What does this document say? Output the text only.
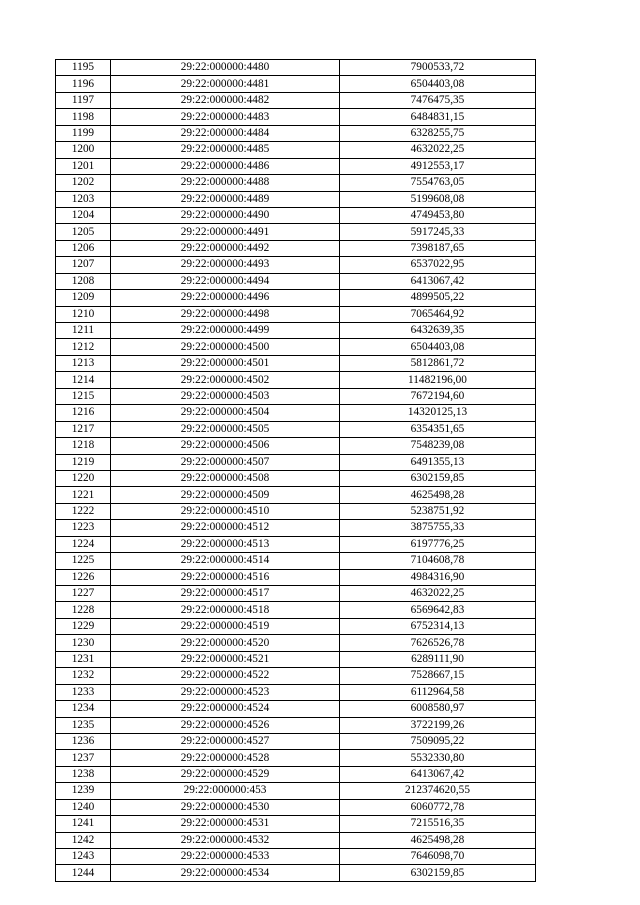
1195	29:22:000000:4480	7900533,72
1196	29:22:000000:4481	6504403,08
1197	29:22:000000:4482	7476475,35
1198	29:22:000000:4483	6484831,15
1199	29:22:000000:4484	6328255,75
1200	29:22:000000:4485	4632022,25
1201	29:22:000000:4486	4912553,17
1202	29:22:000000:4488	7554763,05
1203	29:22:000000:4489	5199608,08
1204	29:22:000000:4490	4749453,80
1205	29:22:000000:4491	5917245,33
1206	29:22:000000:4492	7398187,65
1207	29:22:000000:4493	6537022,95
1208	29:22:000000:4494	6413067,42
1209	29:22:000000:4496	4899505,22
1210	29:22:000000:4498	7065464,92
1211	29:22:000000:4499	6432639,35
1212	29:22:000000:4500	6504403,08
1213	29:22:000000:4501	5812861,72
1214	29:22:000000:4502	11482196,00
1215	29:22:000000:4503	7672194,60
1216	29:22:000000:4504	14320125,13
1217	29:22:000000:4505	6354351,65
1218	29:22:000000:4506	7548239,08
1219	29:22:000000:4507	6491355,13
1220	29:22:000000:4508	6302159,85
1221	29:22:000000:4509	4625498,28
1222	29:22:000000:4510	5238751,92
1223	29:22:000000:4512	3875755,33
1224	29:22:000000:4513	6197776,25
1225	29:22:000000:4514	7104608,78
1226	29:22:000000:4516	4984316,90
1227	29:22:000000:4517	4632022,25
1228	29:22:000000:4518	6569642,83
1229	29:22:000000:4519	6752314,13
1230	29:22:000000:4520	7626526,78
1231	29:22:000000:4521	6289111,90
1232	29:22:000000:4522	7528667,15
1233	29:22:000000:4523	6112964,58
1234	29:22:000000:4524	6008580,97
1235	29:22:000000:4526	3722199,26
1236	29:22:000000:4527	7509095,22
1237	29:22:000000:4528	5532330,80
1238	29:22:000000:4529	6413067,42
1239	29:22:000000:453	212374620,55
1240	29:22:000000:4530	6060772,78
1241	29:22:000000:4531	7215516,35
1242	29:22:000000:4532	4625498,28
1243	29:22:000000:4533	7646098,70
1244	29:22:000000:4534	6302159,85
